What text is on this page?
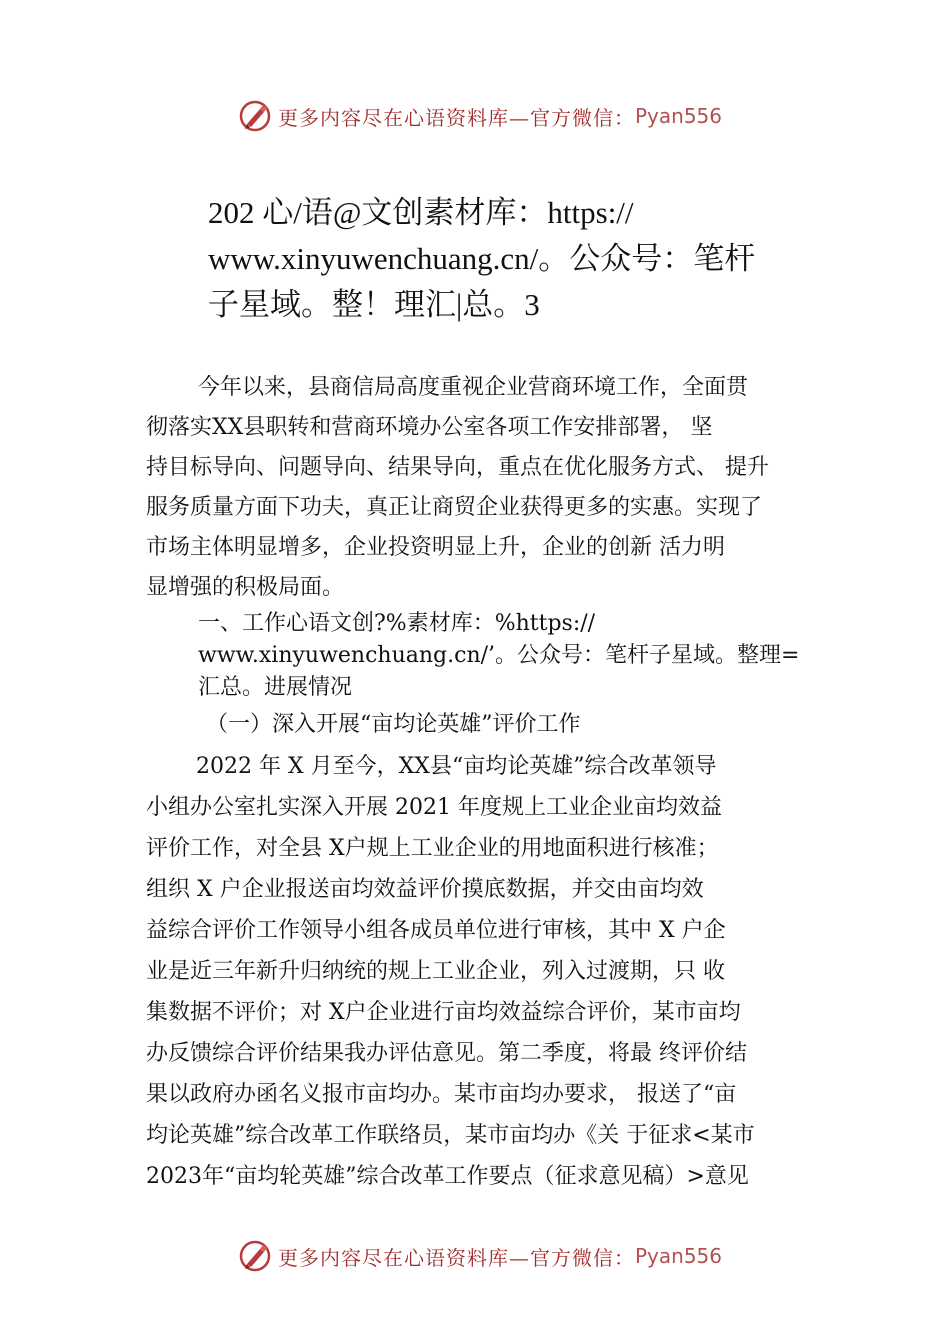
更多内容尽在心语资料库—官方微信： Pyan556
202 心/语@文创素材库：https://
www.xinyuwenchuang.cn/。公众号：笔杆
子星域。整！理汇|总。3
今年以来，县商信局高度重视企业营商环境工作，全面贯
彻落实XX县职转和营商环境办公室各项工作安排部署， 坚
持目标导向、问题导向、结果导向，重点在优化服务方式、 提升
服务质量方面下功夫，真正让商贸企业获得更多的实惠。实现了
市场主体明显增多，企业投资明显上升，企业的创新 活力明
显增强的积极局面。
一、工作心语文创?%素材库：%https://
www.xinyuwenchuang.cn/’。公众号：笔杆子星域。整理=
汇总。进展情况
（一）深入开展“亩均论英雄”评价工作
2022 年 X 月至今，XX县“亩均论英雄”综合改革领导
小组办公室扎实深入开展 2021 年度规上工业企业亩均效益
评价工作，对全县 X户规上工业企业的用地面积进行核准；
组织 X 户企业报送亩均效益评价摸底数据，并交由亩均效
益综合评价工作领导小组各成员单位进行审核，其中 X 户企
业是近三年新升归纳统的规上工业企业，列入过渡期，只 收
集数据不评价；对 X户企业进行亩均效益综合评价，某市亩均
办反馈综合评价结果我办评估意见。第二季度，将最 终评价结
果以政府办函名义报市亩均办。某市亩均办要求， 报送了“亩
均论英雄”综合改革工作联络员，某市亩均办《关 于征求<某市
2023年“亩均轮英雄”综合改革工作要点（征求意见稿）>意见
更多内容尽在心语资料库—官方微信： Pyan556
